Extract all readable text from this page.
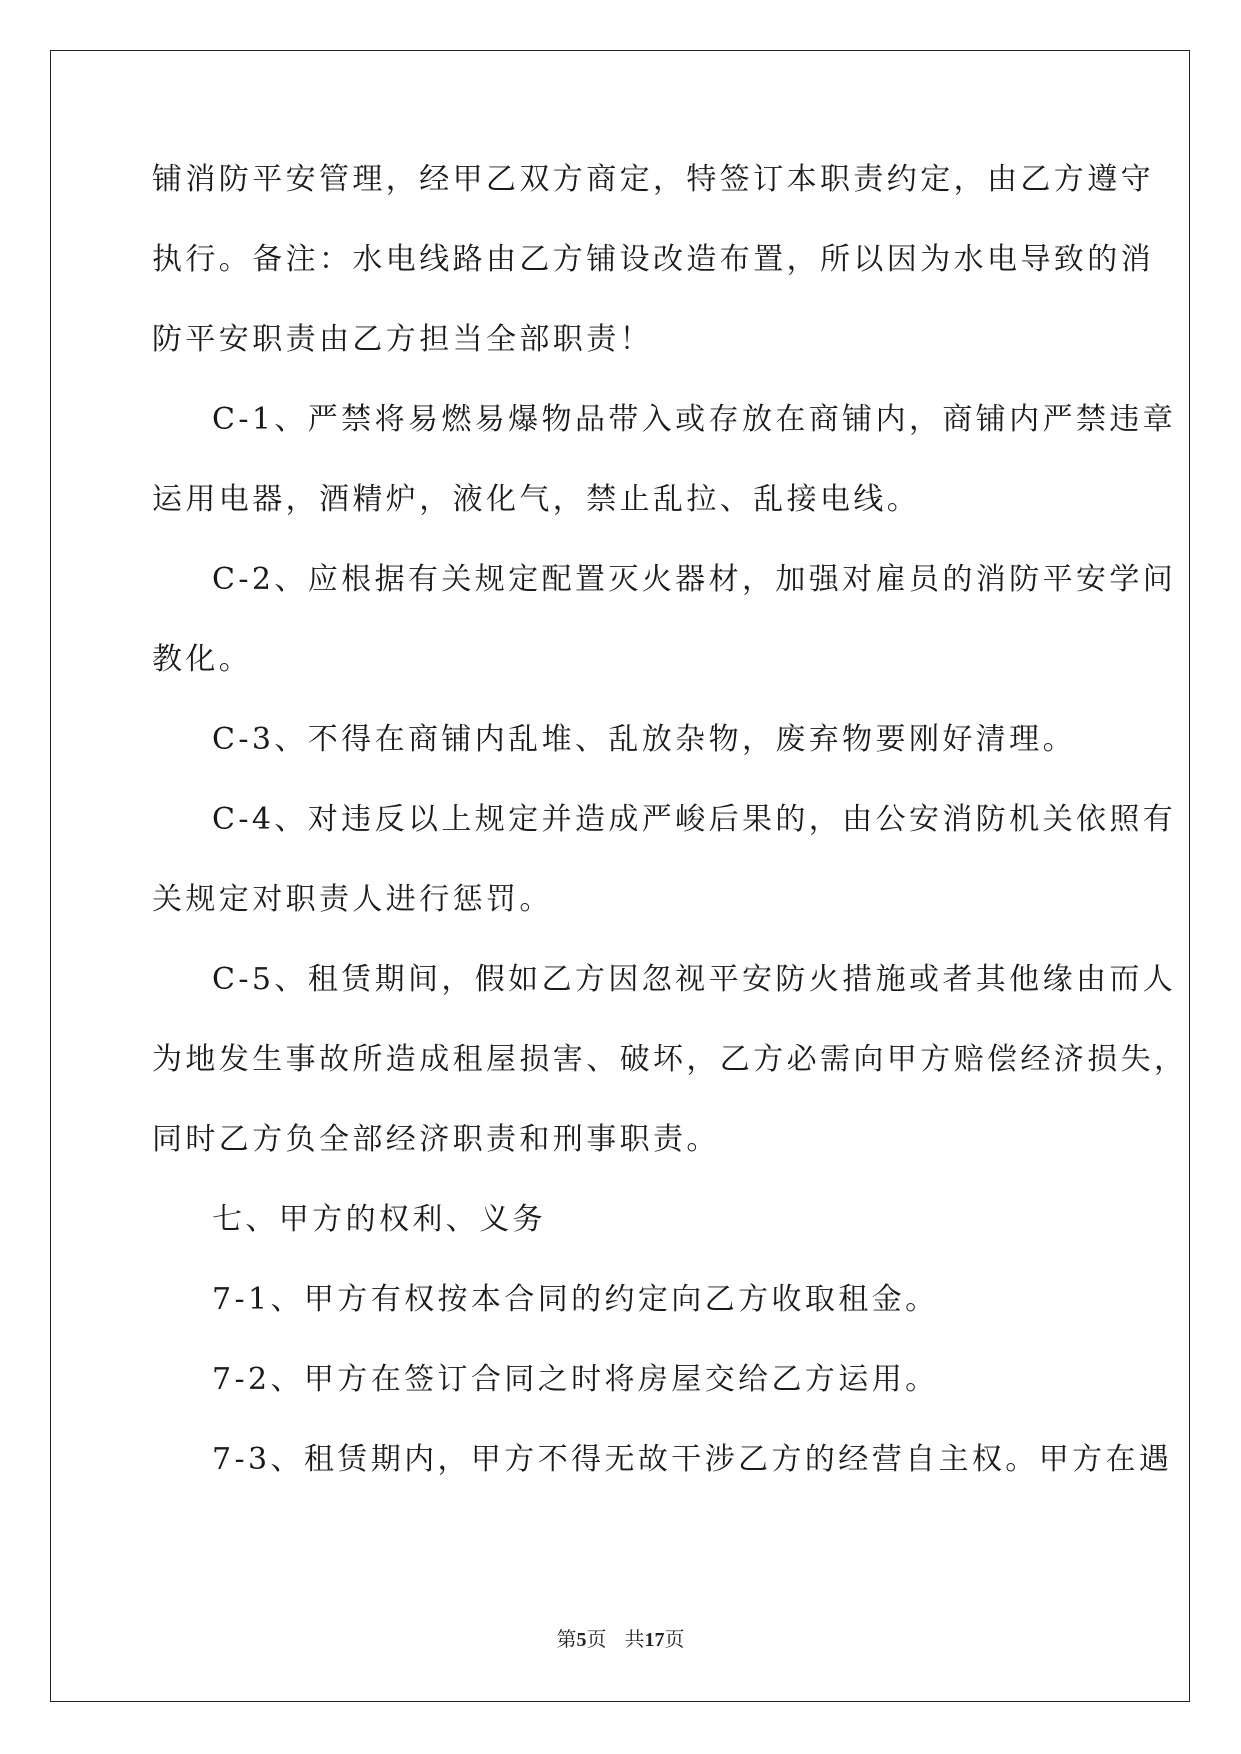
铺消防平安管理，经甲乙双方商定，特签订本职责约定，由乙方遵守
执行。备注：水电线路由乙方铺设改造布置，所以因为水电导致的消
防平安职责由乙方担当全部职责！
C-1、严禁将易燃易爆物品带入或存放在商铺内，商铺内严禁违章
运用电器，酒精炉，液化气，禁止乱拉、乱接电线。
C-2、应根据有关规定配置灭火器材，加强对雇员的消防平安学问
教化。
C-3、不得在商铺内乱堆、乱放杂物，废弃物要刚好清理。
C-4、对违反以上规定并造成严峻后果的，由公安消防机关依照有
关规定对职责人进行惩罚。
C-5、租赁期间，假如乙方因忽视平安防火措施或者其他缘由而人
为地发生事故所造成租屋损害、破坏，乙方必需向甲方赔偿经济损失，
同时乙方负全部经济职责和刑事职责。
七、甲方的权利、义务
7-1、甲方有权按本合同的约定向乙方收取租金。
7-2、甲方在签订合同之时将房屋交给乙方运用。
7-3、租赁期内，甲方不得无故干涉乙方的经营自主权。甲方在遇
第5页 共17页
